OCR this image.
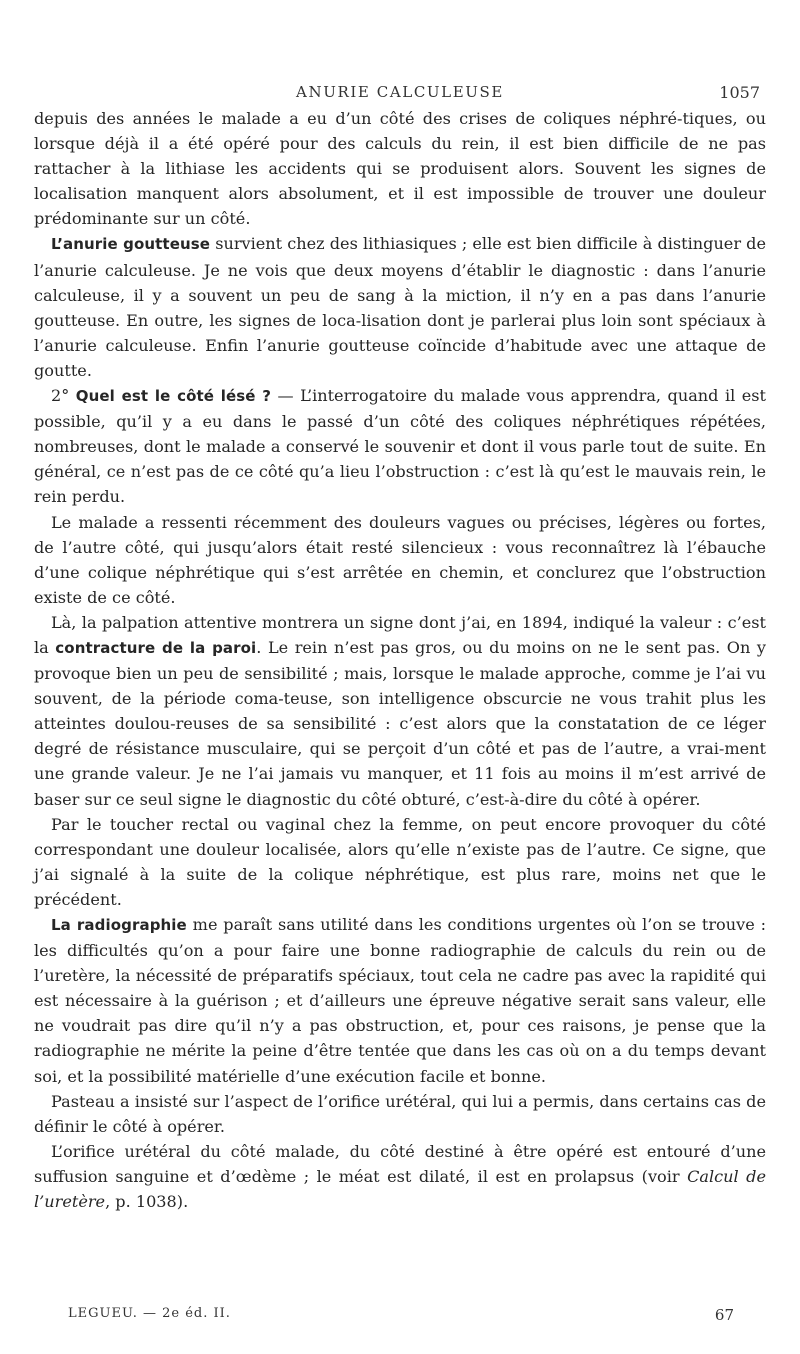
ANURIE CALCULEUSE	1057

depuis des années le malade a eu d’un côté des crises de coliques néphré-tiques, ou lorsque déjà il a été opéré pour des calculs du rein, il est bien difficile de ne pas rattacher à la lithiase les accidents qui se produisent alors. Souvent les signes de localisation manquent alors absolument, et il est impossible de trouver une douleur prédominante sur un côté.

L’anurie goutteuse survient chez des lithiasiques ; elle est bien difficile à distinguer de l’anurie calculeuse. Je ne vois que deux moyens d’établir le diagnostic : dans l’anurie calculeuse, il y a souvent un peu de sang à la miction, il n’y en a pas dans l’anurie goutteuse. En outre, les signes de loca-lisation dont je parlerai plus loin sont spéciaux à l’anurie calculeuse. Enfin l’anurie goutteuse coïncide d’habitude avec une attaque de goutte.

2° Quel est le côté lésé ? — L’interrogatoire du malade vous apprendra, quand il est possible, qu’il y a eu dans le passé d’un côté des coliques néphrétiques répétées, nombreuses, dont le malade a conservé le souvenir et dont il vous parle tout de suite. En général, ce n’est pas de ce côté qu’a lieu l’obstruction : c’est là qu’est le mauvais rein, le rein perdu.

Le malade a ressenti récemment des douleurs vagues ou précises, légères ou fortes, de l’autre côté, qui jusqu’alors était resté silencieux : vous reconnaîtrez là l’ébauche d’une colique néphrétique qui s’est arrêtée en chemin, et conclurez que l’obstruction existe de ce côté.

Là, la palpation attentive montrera un signe dont j’ai, en 1894, indiqué la valeur : c’est la contracture de la paroi. Le rein n’est pas gros, ou du moins on ne le sent pas. On y provoque bien un peu de sensibilité ; mais, lorsque le malade approche, comme je l’ai vu souvent, de la période coma-teuse, son intelligence obscurcie ne vous trahit plus les atteintes doulou-reuses de sa sensibilité : c’est alors que la constatation de ce léger degré de résistance musculaire, qui se perçoit d’un côté et pas de l’autre, a vrai-ment une grande valeur. Je ne l’ai jamais vu manquer, et 11 fois au moins il m’est arrivé de baser sur ce seul signe le diagnostic du côté obturé, c’est-à-dire du côté à opérer.

Par le toucher rectal ou vaginal chez la femme, on peut encore provoquer du côté correspondant une douleur localisée, alors qu’elle n’existe pas de l’autre. Ce signe, que j’ai signalé à la suite de la colique néphrétique, est plus rare, moins net que le précédent.

La radiographie me paraît sans utilité dans les conditions urgentes où l’on se trouve : les difficultés qu’on a pour faire une bonne radiographie de calculs du rein ou de l’uretère, la nécessité de préparatifs spéciaux, tout cela ne cadre pas avec la rapidité qui est nécessaire à la guérison ; et d’ailleurs une épreuve négative serait sans valeur, elle ne voudrait pas dire qu’il n’y a pas obstruction, et, pour ces raisons, je pense que la radiographie ne mérite la peine d’être tentée que dans les cas où on a du temps devant soi, et la possibilité matérielle d’une exécution facile et bonne.

Pasteau a insisté sur l’aspect de l’orifice urétéral, qui lui a permis, dans certains cas de définir le côté à opérer.

L’orifice urétéral du côté malade, du côté destiné à être opéré est entouré d’une suffusion sanguine et d’œdème ; le méat est dilaté, il est en prolapsus (voir Calcul de l’uretère, p. 1038).

LEGUEU. — 2e éd. II.	67
